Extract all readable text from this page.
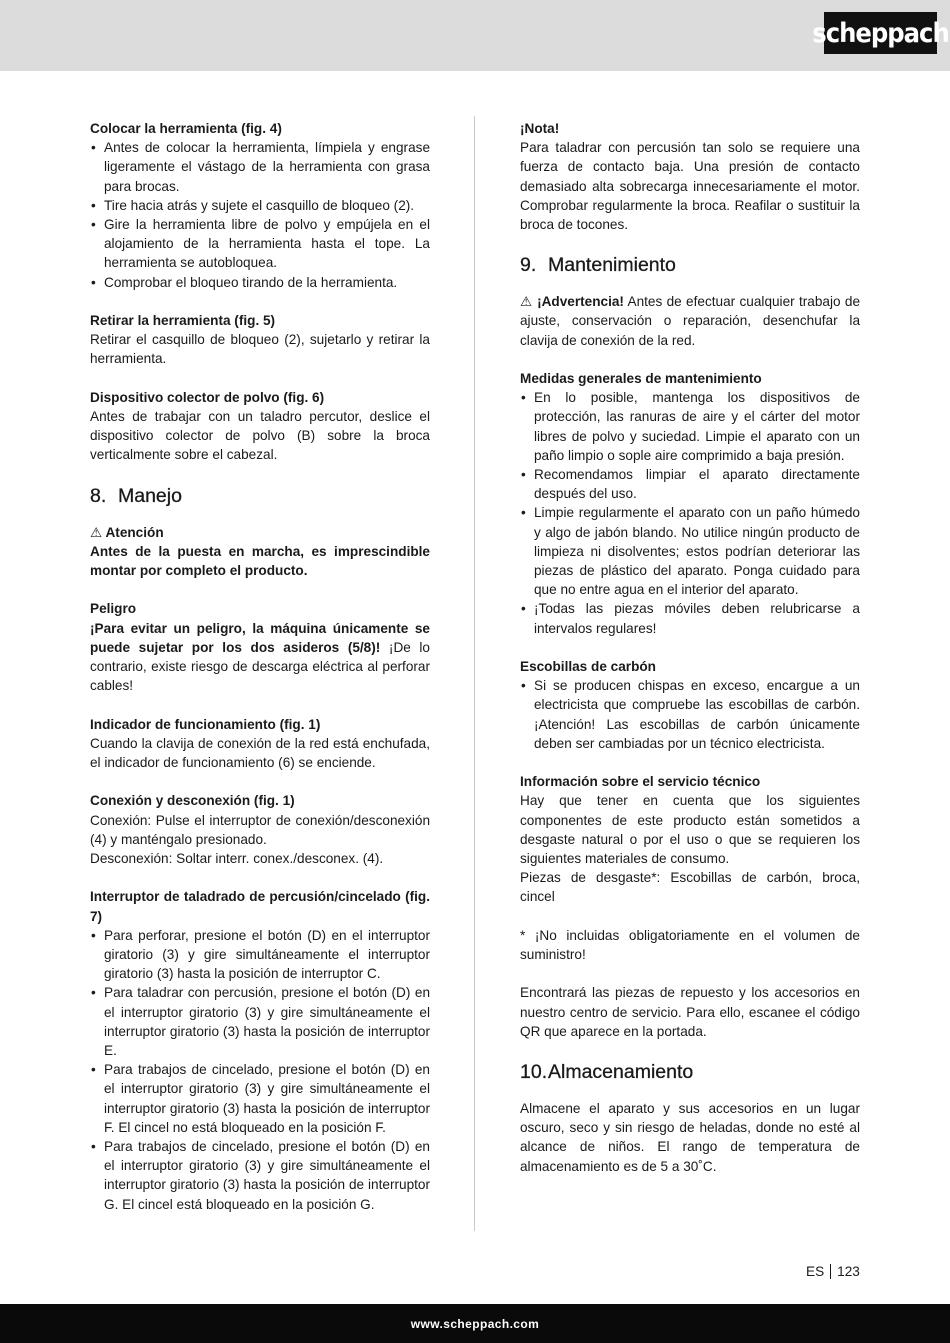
scheppach

Colocar la herramienta (fig. 4)

• Antes de colocar la herramienta, límpiela y engrase ligeramente el vástago de la herramienta con grasa para brocas.
• Tire hacia atrás y sujete el casquillo de bloqueo (2).
• Gire la herramienta libre de polvo y empújela en el alojamiento de la herramienta hasta el tope. La herramienta se autobloquea.
• Comprobar el bloqueo tirando de la herramienta.

Retirar la herramienta (fig. 5)

Retirar el casquillo de bloqueo (2), sujetarlo y retirar la herramienta.

Dispositivo colector de polvo (fig. 6)

Antes de trabajar con un taladro percutor, deslice el dispositivo colector de polvo (B) sobre la broca verticalmente sobre el cabezal.

8. Manejo

⚠ Atención

Antes de la puesta en marcha, es imprescindible montar por completo el producto.

Peligro

¡Para evitar un peligro, la máquina únicamente se puede sujetar por los dos asideros (5/8)! ¡De lo contrario, existe riesgo de descarga eléctrica al perforar cables!

Indicador de funcionamiento (fig. 1)

Cuando la clavija de conexión de la red está enchufada, el indicador de funcionamiento (6) se enciende.

Conexión y desconexión (fig. 1)

Conexión: Pulse el interruptor de conexión/desconexión (4) y manténgalo presionado.

Desconexión: Soltar interr. conex./desconex. (4).

Interruptor de taladrado de percusión/cincelado (fig. 7)

• Para perforar, presione el botón (D) en el interruptor giratorio (3) y gire simultáneamente el interruptor giratorio (3) hasta la posición de interruptor C.
• Para taladrar con percusión, presione el botón (D) en el interruptor giratorio (3) y gire simultáneamente el interruptor giratorio (3) hasta la posición de interruptor E.
• Para trabajos de cincelado, presione el botón (D) en el interruptor giratorio (3) y gire simultáneamente el interruptor giratorio (3) hasta la posición de interruptor F. El cincel no está bloqueado en la posición F.
• Para trabajos de cincelado, presione el botón (D) en el interruptor giratorio (3) y gire simultáneamente el interruptor giratorio (3) hasta la posición de interruptor G. El cincel está bloqueado en la posición G.

¡Nota!

Para taladrar con percusión tan solo se requiere una fuerza de contacto baja. Una presión de contacto demasiado alta sobrecarga innecesariamente el motor. Comprobar regularmente la broca. Reafilar o sustituir la broca de tocones.

9. Mantenimiento

⚠ ¡Advertencia! Antes de efectuar cualquier trabajo de ajuste, conservación o reparación, desenchufar la clavija de conexión de la red.

Medidas generales de mantenimiento

• En lo posible, mantenga los dispositivos de protección, las ranuras de aire y el cárter del motor libres de polvo y suciedad. Limpie el aparato con un paño limpio o sople aire comprimido a baja presión.
• Recomendamos limpiar el aparato directamente después del uso.
• Limpie regularmente el aparato con un paño húmedo y algo de jabón blando. No utilice ningún producto de limpieza ni disolventes; estos podrían deteriorar las piezas de plástico del aparato. Ponga cuidado para que no entre agua en el interior del aparato.
• ¡Todas las piezas móviles deben relubricarse a intervalos regulares!

Escobillas de carbón

• Si se producen chispas en exceso, encargue a un electricista que compruebe las escobillas de carbón. ¡Atención! Las escobillas de carbón únicamente deben ser cambiadas por un técnico electricista.

Información sobre el servicio técnico

Hay que tener en cuenta que los siguientes componentes de este producto están sometidos a desgaste natural o por el uso o que se requieren los siguientes materiales de consumo.

Piezas de desgaste*: Escobillas de carbón, broca, cincel

* ¡No incluidas obligatoriamente en el volumen de suministro!

Encontrará las piezas de repuesto y los accesorios en nuestro centro de servicio. Para ello, escanee el código QR que aparece en la portada.

10. Almacenamiento

Almacene el aparato y sus accesorios en un lugar oscuro, seco y sin riesgo de heladas, donde no esté al alcance de niños. El rango de temperatura de almacenamiento es de 5 a 30˚C.

ES 123
www.scheppach.com
